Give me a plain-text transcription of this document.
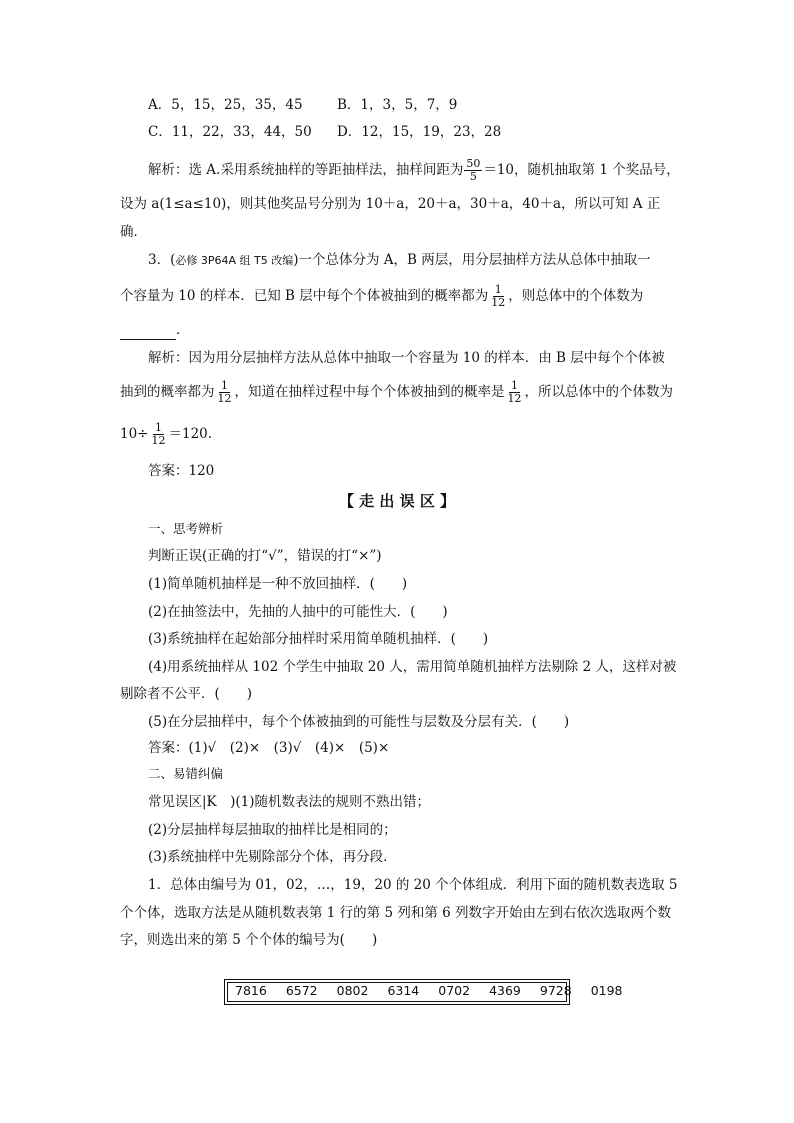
A．5，15，25，35，45	B．1，3，5，7，9
C．11，22，33，44，50 D．12，15，19，23，28
解析：选 A.采用系统抽样的等距抽样法，抽样间距为 $\frac{50}{5} =10$，随机抽取第 1 个奖品号，
设为 a(1≤a≤10)，则其他奖品号分别为 10＋a，20＋a，30＋a，40＋a，所以可知 A 正
确．
3．(必修 3P64A 组 T5 改编)一个总体分为 A，B 两层，用分层抽样方法从总体中抽取一
个容量为 10 的样本．已知 B 层中每个个体被抽到的概率都为 $\frac{1}{12}$ ，则总体中的个体数为
．
解析：因为用分层抽样方法从总体中抽取一个容量为 10 的样本．由 B 层中每个个体被
抽到的概率都为 $\frac{1}{12}$ ，知道在抽样过程中每个个体被抽到的概率是 $\frac{1}{12}$ ，所以总体中的个体数为
$10\div \frac{1}{12} =120$.
答案：120
【 走 出 误 区 】
一、思考辨析
判断正误(正确的打“√”，错误的打“×”)
(1)简单随机抽样是一种不放回抽样．(　　)
(2)在抽签法中，先抽的人抽中的可能性大．(　　)
(3)系统抽样在起始部分抽样时采用简单随机抽样．(　　)
(4)用系统抽样从 102 个学生中抽取 20 人，需用简单随机抽样方法剔除 2 人，这样对被
剔除者不公平．(　　)
(5)在分层抽样中，每个个体被抽到的可能性与层数及分层有关．(　　)
答案：(1)√　(2)×　(3)√　(4)×　(5)×
二、易错纠偏
常见误区|K　)(1)随机数表法的规则不熟出错；
(2)分层抽样每层抽取的抽样比是相同的；
(3)系统抽样中先剔除部分个体，再分段．
1．总体由编号为 01，02，…，19，20 的 20 个个体组成．利用下面的随机数表选取 5
个个体，选取方法是从随机数表第 1 行的第 5 列和第 6 列数字开始由左到右依次选取两个数
字，则选出来的第 5 个个体的编号为(　　)
7816 6572 0802 6314 0702 4369 9728 0198
